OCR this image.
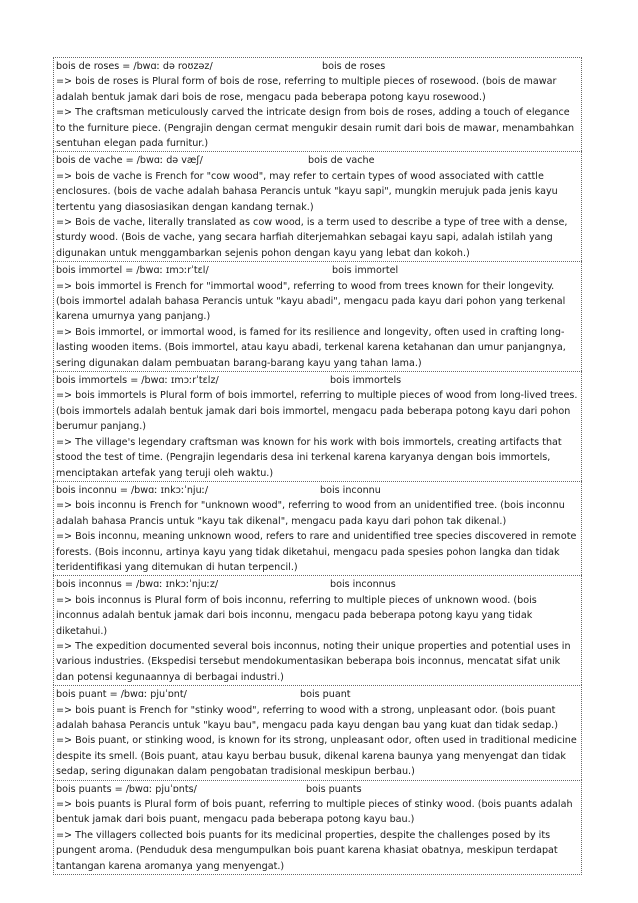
bois de roses = /bwɑː də roʊzəz/	bois de roses

=> bois de roses is Plural form of bois de rose, referring to multiple pieces of rosewood. (bois de mawar adalah bentuk jamak dari bois de rose, mengacu pada beberapa potong kayu rosewood.)

=> The craftsman meticulously carved the intricate design from bois de roses, adding a touch of elegance to the furniture piece. (Pengrajin dengan cermat mengukir desain rumit dari bois de mawar, menambahkan sentuhan elegan pada furnitur.)

bois de vache = /bwɑː də væʃ/	bois de vache

=> bois de vache is French for "cow wood", may refer to certain types of wood associated with cattle enclosures. (bois de vache adalah bahasa Perancis untuk "kayu sapi", mungkin merujuk pada jenis kayu tertentu yang diasosiasikan dengan kandang ternak.)

=> Bois de vache, literally translated as cow wood, is a term used to describe a type of tree with a dense, sturdy wood. (Bois de vache, yang secara harfiah diterjemahkan sebagai kayu sapi, adalah istilah yang digunakan untuk menggambarkan sejenis pohon dengan kayu yang lebat dan kokoh.)

bois immortel = /bwɑː ɪmɔːrˈtɛl/	bois immortel

=> bois immortel is French for "immortal wood", referring to wood from trees known for their longevity. (bois immortel adalah bahasa Perancis untuk "kayu abadi", mengacu pada kayu dari pohon yang terkenal karena umurnya yang panjang.)

=> Bois immortel, or immortal wood, is famed for its resilience and longevity, often used in crafting long-lasting wooden items. (Bois immortel, atau kayu abadi, terkenal karena ketahanan dan umur panjangnya, sering digunakan dalam pembuatan barang-barang kayu yang tahan lama.)

bois immortels = /bwɑː ɪmɔːrˈtɛlz/	bois immortels

=> bois immortels is Plural form of bois immortel, referring to multiple pieces of wood from long-lived trees. (bois immortels adalah bentuk jamak dari bois immortel, mengacu pada beberapa potong kayu dari pohon berumur panjang.)

=> The village's legendary craftsman was known for his work with bois immortels, creating artifacts that stood the test of time. (Pengrajin legendaris desa ini terkenal karena karyanya dengan bois immortels, menciptakan artefak yang teruji oleh waktu.)

bois inconnu = /bwɑː ɪnkɔːˈnjuː/	bois inconnu

=> bois inconnu is French for "unknown wood", referring to wood from an unidentified tree. (bois inconnu adalah bahasa Prancis untuk "kayu tak dikenal", mengacu pada kayu dari pohon tak dikenal.)

=> Bois inconnu, meaning unknown wood, refers to rare and unidentified tree species discovered in remote forests. (Bois inconnu, artinya kayu yang tidak diketahui, mengacu pada spesies pohon langka dan tidak teridentifikasi yang ditemukan di hutan terpencil.)

bois inconnus = /bwɑː ɪnkɔːˈnjuːz/	bois inconnus

=> bois inconnus is Plural form of bois inconnu, referring to multiple pieces of unknown wood. (bois inconnus adalah bentuk jamak dari bois inconnu, mengacu pada beberapa potong kayu yang tidak diketahui.)

=> The expedition documented several bois inconnus, noting their unique properties and potential uses in various industries. (Ekspedisi tersebut mendokumentasikan beberapa bois inconnus, mencatat sifat unik dan potensi kegunaannya di berbagai industri.)

bois puant = /bwɑː pjuˈɒnt/	bois puant

=> bois puant is French for "stinky wood", referring to wood with a strong, unpleasant odor. (bois puant adalah bahasa Perancis untuk "kayu bau", mengacu pada kayu dengan bau yang kuat dan tidak sedap.)

=> Bois puant, or stinking wood, is known for its strong, unpleasant odor, often used in traditional medicine despite its smell. (Bois puant, atau kayu berbau busuk, dikenal karena baunya yang menyengat dan tidak sedap, sering digunakan dalam pengobatan tradisional meskipun berbau.)

bois puants = /bwɑː pjuˈɒnts/	bois puants

=> bois puants is Plural form of bois puant, referring to multiple pieces of stinky wood. (bois puants adalah bentuk jamak dari bois puant, mengacu pada beberapa potong kayu bau.)

=> The villagers collected bois puants for its medicinal properties, despite the challenges posed by its pungent aroma. (Penduduk desa mengumpulkan bois puant karena khasiat obatnya, meskipun terdapat tantangan karena aromanya yang menyengat.)
